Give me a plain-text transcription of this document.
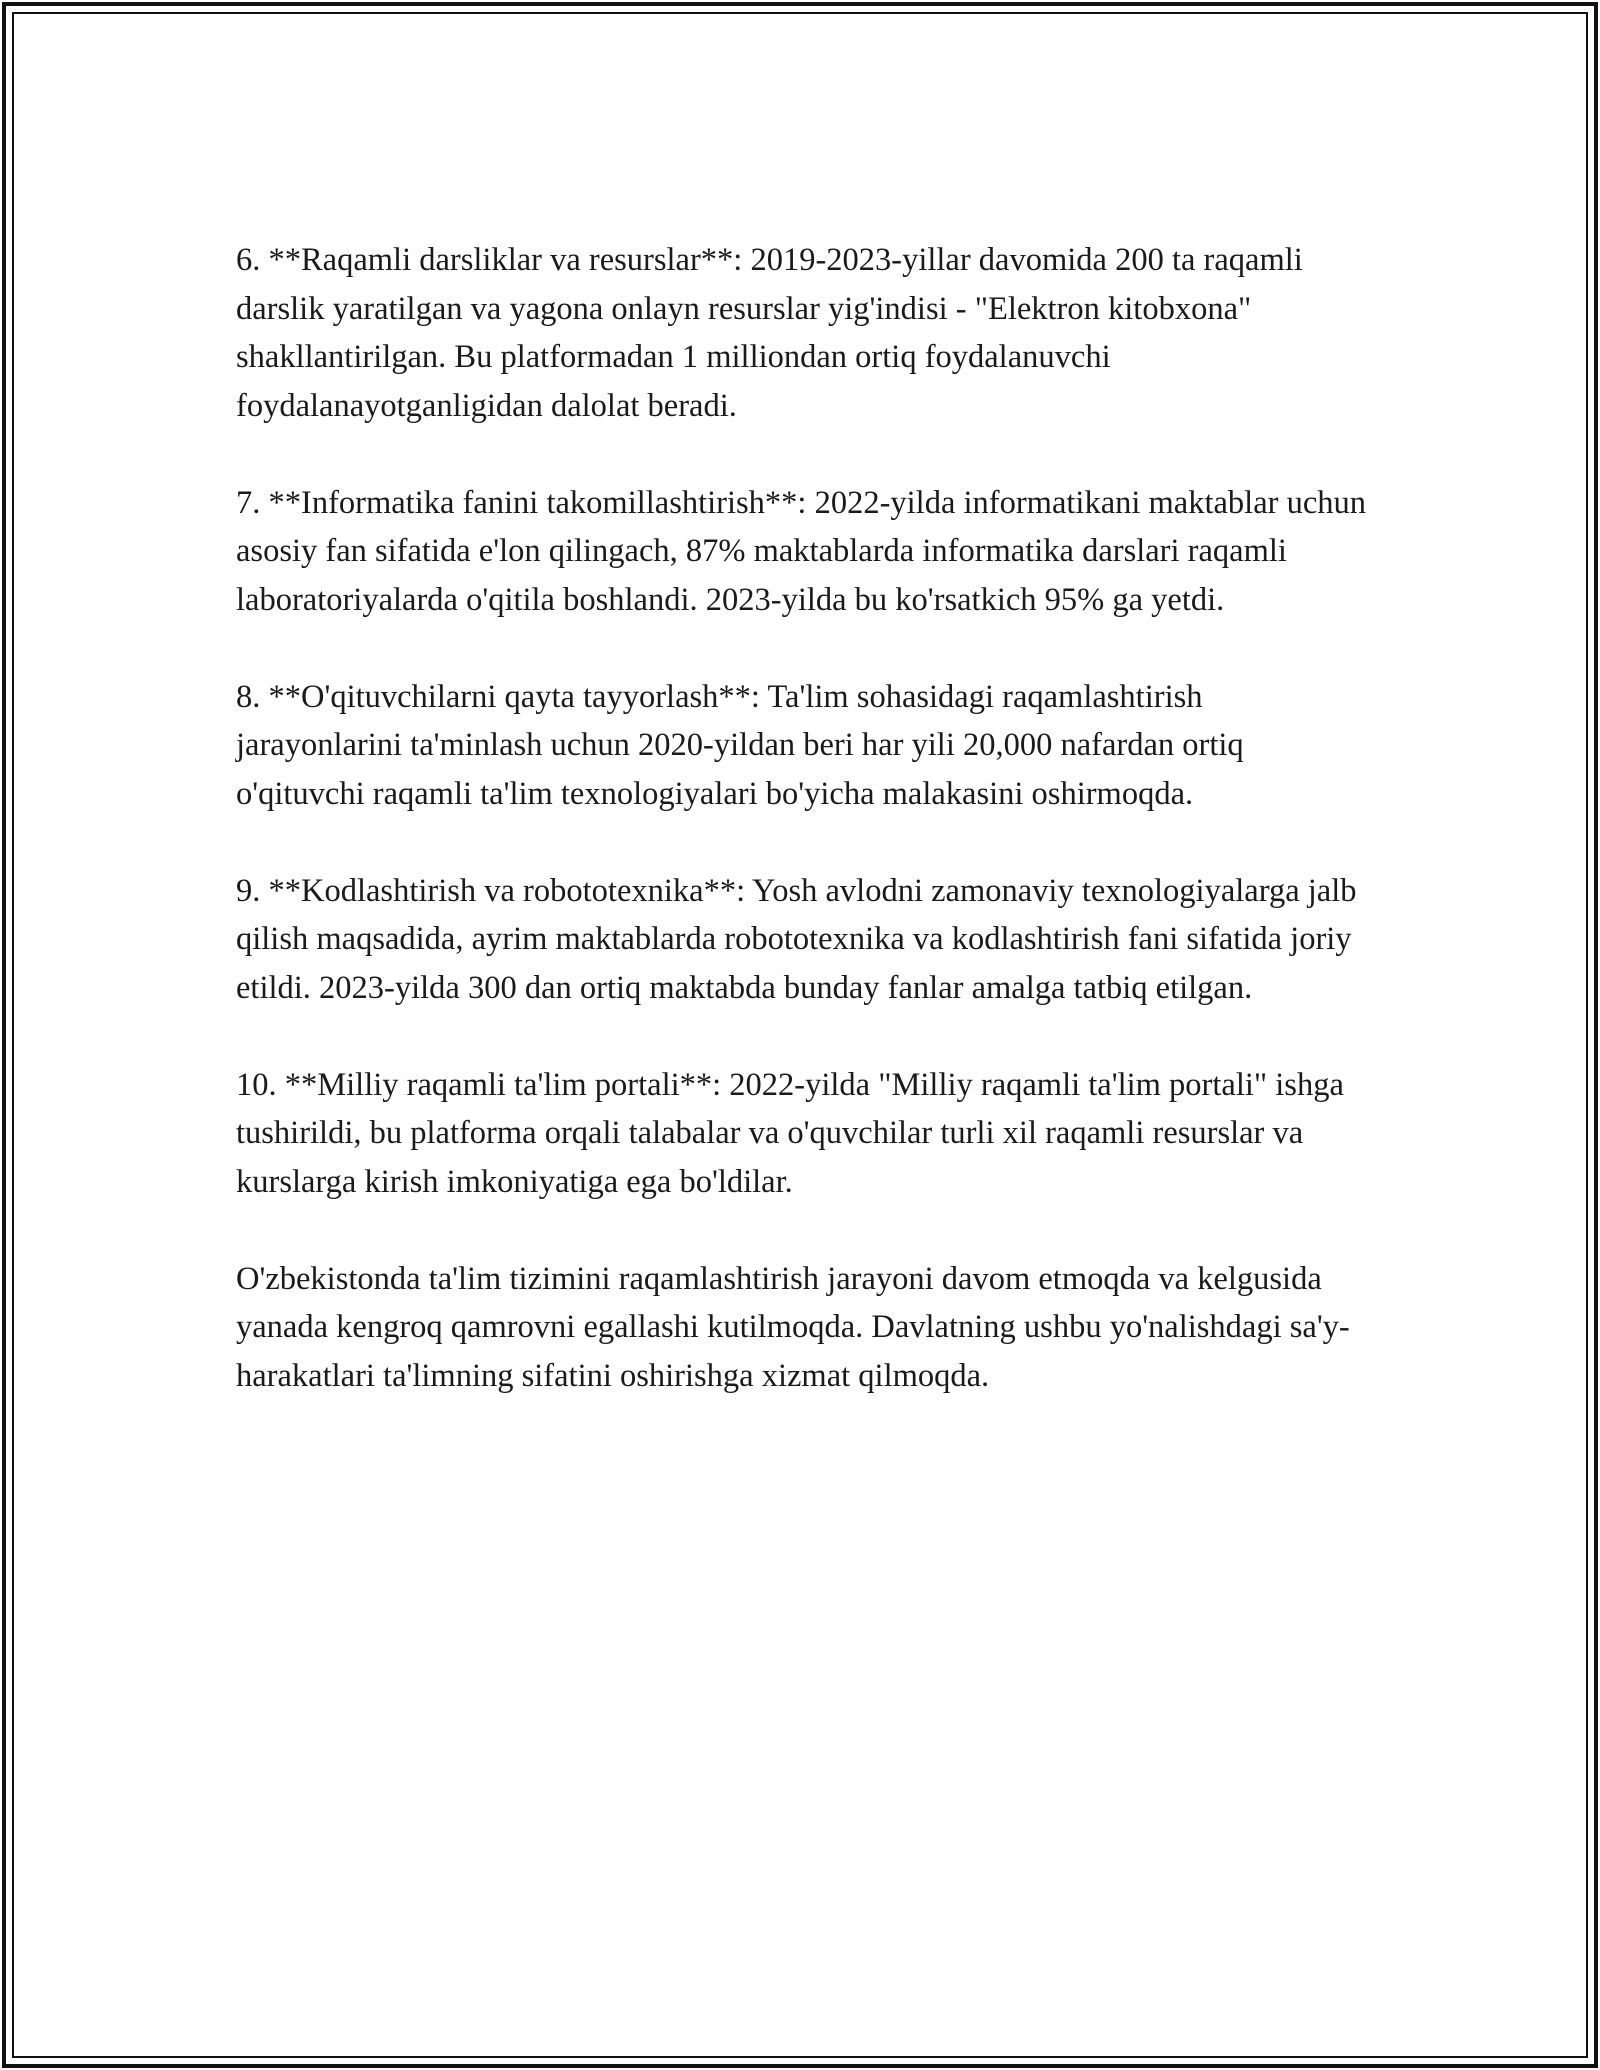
6. **Raqamli darsliklar va resurslar**: 2019-2023-yillar davomida 200 ta raqamli darslik yaratilgan va yagona onlayn resurslar yig'indisi - "Elektron kitobxona" shakllantirilgan. Bu platformadan 1 milliondan ortiq foydalanuvchi foydalanayotganligidan dalolat beradi.

7. **Informatika fanini takomillashtirish**: 2022-yilda informatikani maktablar uchun asosiy fan sifatida e'lon qilingach, 87% maktablarda informatika darslari raqamli laboratoriyalarda o'qitila boshlandi. 2023-yilda bu ko'rsatkich 95% ga yetdi.

8. **O'qituvchilarni qayta tayyorlash**: Ta'lim sohasidagi raqamlashtirish jarayonlarini ta'minlash uchun 2020-yildan beri har yili 20,000 nafardan ortiq o'qituvchi raqamli ta'lim texnologiyalari bo'yicha malakasini oshirmoqda.

9. **Kodlashtirish va robototexnika**: Yosh avlodni zamonaviy texnologiyalarga jalb qilish maqsadida, ayrim maktablarda robototexnika va kodlashtirish fani sifatida joriy etildi. 2023-yilda 300 dan ortiq maktabda bunday fanlar amalga tatbiq etilgan.

10. **Milliy raqamli ta'lim portali**: 2022-yilda "Milliy raqamli ta'lim portali" ishga tushirildi, bu platforma orqali talabalar va o'quvchilar turli xil raqamli resurslar va kurslarga kirish imkoniyatiga ega bo'ldilar.

O'zbekistonda ta'lim tizimini raqamlashtirish jarayoni davom etmoqda va kelgusida yanada kengroq qamrovni egallashi kutilmoqda. Davlatning ushbu yo'nalishdagi sa'y-harakatlari ta'limning sifatini oshirishga xizmat qilmoqda.
